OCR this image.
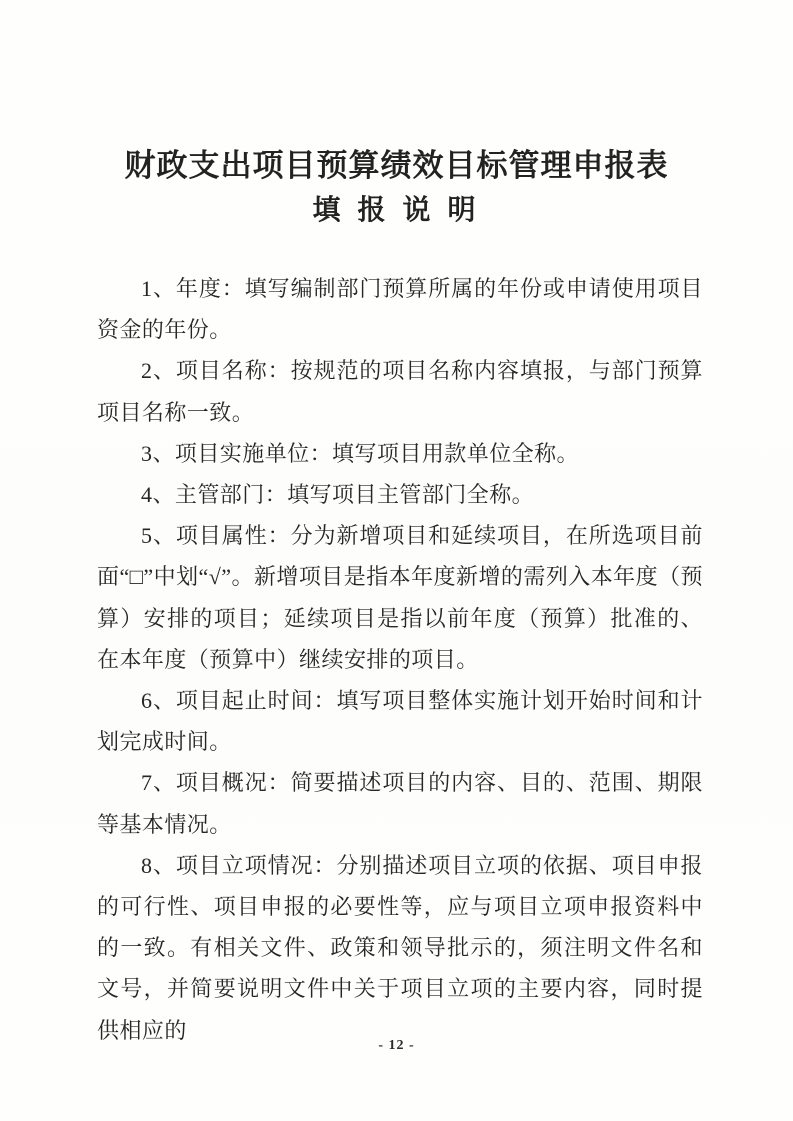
财政支出项目预算绩效目标管理申报表
填 报 说 明

1、年度：填写编制部门预算所属的年份或申请使用项目资金的年份。

2、项目名称：按规范的项目名称内容填报，与部门预算项目名称一致。

3、项目实施单位：填写项目用款单位全称。

4、主管部门：填写项目主管部门全称。

5、项目属性：分为新增项目和延续项目，在所选项目前面“□”中划“√”。新增项目是指本年度新增的需列入本年度（预算）安排的项目；延续项目是指以前年度（预算）批准的、在本年度（预算中）继续安排的项目。

6、项目起止时间：填写项目整体实施计划开始时间和计划完成时间。

7、项目概况：简要描述项目的内容、目的、范围、期限等基本情况。

8、项目立项情况：分别描述项目立项的依据、项目申报的可行性、项目申报的必要性等，应与项目立项申报资料中的一致。有相关文件、政策和领导批示的，须注明文件名和文号，并简要说明文件中关于项目立项的主要内容，同时提供相应的

- 12 -
